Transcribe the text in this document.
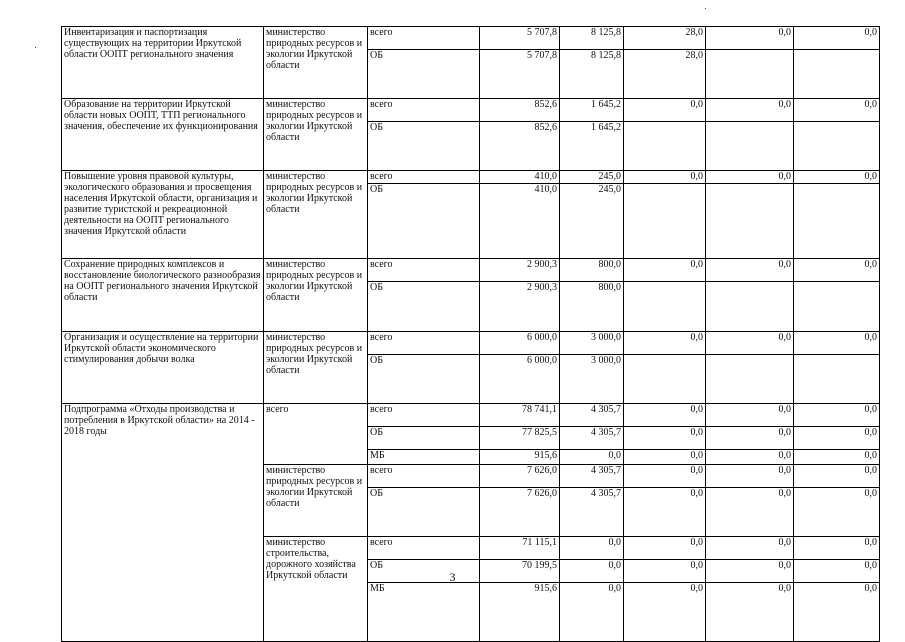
Инвентаризация и паспортизация существующих на территории Иркутской области ООПТ регионального значения	министерство природных ресурсов и экологии Иркутской области	всего	5 707,8	8 125,8	28,0	0,0	0,0	
		ОБ	5 707,8	8 125,8	28,0			
Образование на территории Иркутской области новых ООПТ, ТТП регионального значения, обеспечение их функционирования	министерство природных ресурсов и экологии Иркутской области	всего	852,6	1 645,2	0,0	0,0	0,0	
		ОБ	852,6	1 645,2				
Повышение уровня правовой культуры, экологического образования и просвещения населения Иркутской области, организация и развитие туристской и рекреационной деятельности на ООПТ регионального значения Иркутской области	министерство природных ресурсов и экологии Иркутской области	всего	410,0	245,0	0,0	0,0	0,0	
		ОБ	410,0	245,0				
Сохранение природных комплексов и восстановление биологического разнообразия на ООПТ регионального значения Иркутской области	министерство природных ресурсов и экологии Иркутской области	всего	2 900,3	800,0	0,0	0,0	0,0	
		ОБ	2 900,3	800,0				
Организация и осуществление на территории Иркутской области экономического стимулирования добычи волка	министерство природных ресурсов и экологии Иркутской области	всего	6 000,0	3 000,0	0,0	0,0	0,0	
		ОБ	6 000,0	3 000,0				
Подпрограмма «Отходы производства и потребления в Иркутской области» на 2014 - 2018 годы	всего	всего	78 741,1	4 305,7	0,0	0,0	0,0	
		ОБ	77 825,5	4 305,7	0,0	0,0	0,0	
		МБ	915,6	0,0	0,0	0,0	0,0	
	министерство природных ресурсов и экологии Иркутской области	всего	7 626,0	4 305,7	0,0	0,0	0,0	
		ОБ	7 626,0	4 305,7	0,0	0,0	0,0	
	министерство строительства, дорожного хозяйства Иркутской области	всего	71 115,1	0,0	0,0	0,0	0,0	
		ОБ	70 199,5	0,0	0,0	0,0	0,0	
		МБ	915,6	0,0	0,0	0,0	0,0	
3
